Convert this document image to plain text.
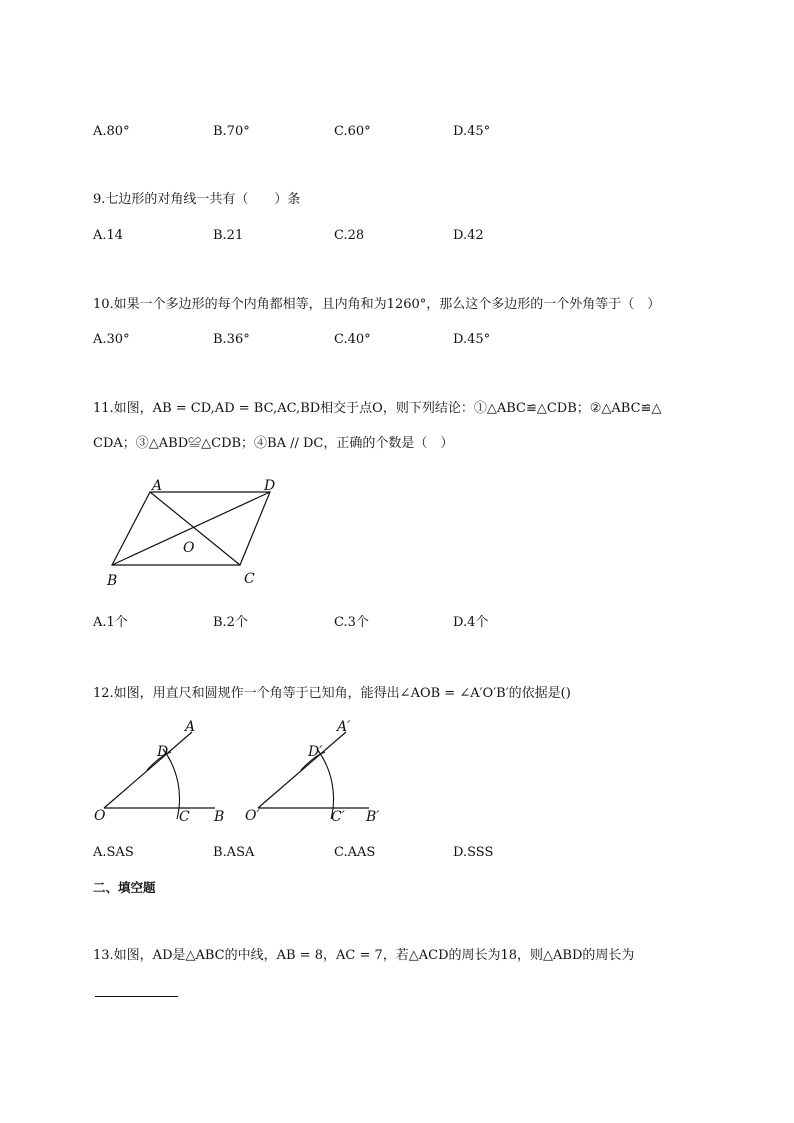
A.80°	B.70°	C.60°	D.45°
9.七边形的对角线一共有（　　）条
A.14	B.21	C.28	D.42
10.如果一个多边形的每个内角都相等，且内角和为1260°，那么这个多边形的一个外角等于（　）
A.30°	B.36°	C.40°	D.45°
11.如图，AB = CD,AD = BC,AC,BD相交于点O，则下列结论：①△ABC≌△CDB；②△ABC≌△
CDA；③△ABD≌△CDB；④BA // DC，正确的个数是（　）
A	D
O
B	C
A.1个	B.2个	C.3个	D.4个
12.如图，用直尺和圆规作一个角等于已知角，能得出∠AOB = ∠A′O′B′的依据是()
A
D
O	C B
A′
D′
O′	C′ B′
A.SAS	B.ASA	C.AAS	D.SSS
二、填空题
13.如图，AD是△ABC的中线，AB = 8，AC = 7，若△ACD的周长为18，则△ABD的周长为
